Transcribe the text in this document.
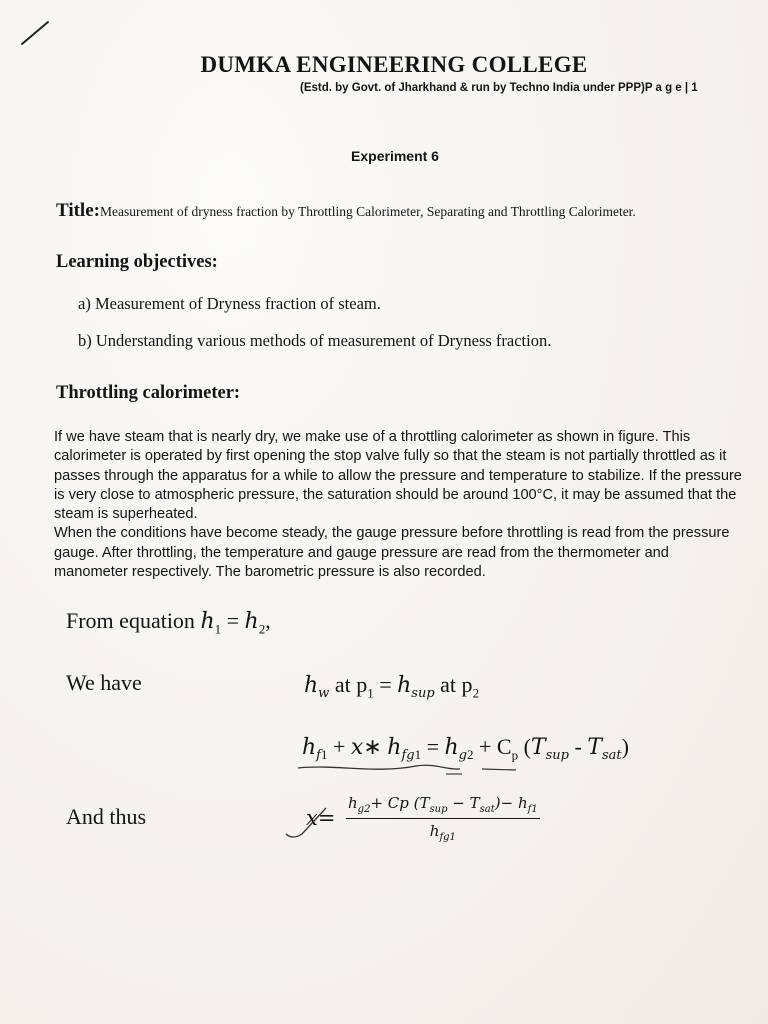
DUMKA ENGINEERING COLLEGE
(Estd. by Govt. of Jharkhand & run by Techno India under PPP)P a g e | 1
Experiment 6
Title:Measurement of dryness fraction by Throttling Calorimeter, Separating and Throttling Calorimeter.
Learning objectives:
a) Measurement of Dryness fraction of steam.
b) Understanding various methods of measurement of Dryness fraction.
Throttling calorimeter:

If we have steam that is nearly dry, we make use of a throttling calorimeter as shown in figure. This calorimeter is operated by first opening the stop valve fully so that the steam is not partially throttled as it passes through the apparatus for a while to allow the pressure and temperature to stabilize. If the pressure is very close to atmospheric pressure, the saturation should be around 100°C, it may be assumed that the steam is superheated.

When the conditions have become steady, the gauge pressure before throttling is read from the pressure gauge. After throttling, the temperature and gauge pressure are read from the thermometer and manometer respectively. The barometric pressure is also recorded.

From equation $h_1 = h_2$,
We have	$h_w$ at $p_1 = h_{sup}$ at $p_2$
$h_{f1}$ + x∗ $h_{fg1} = h_{g2} + C_p$ $(T_{sup} - T_{sat})$
And thus	x=
$h_{g2}+ Cp$ $(T_{sup} - T_{sat})- h_{f1}$
$h_{fg1}$
